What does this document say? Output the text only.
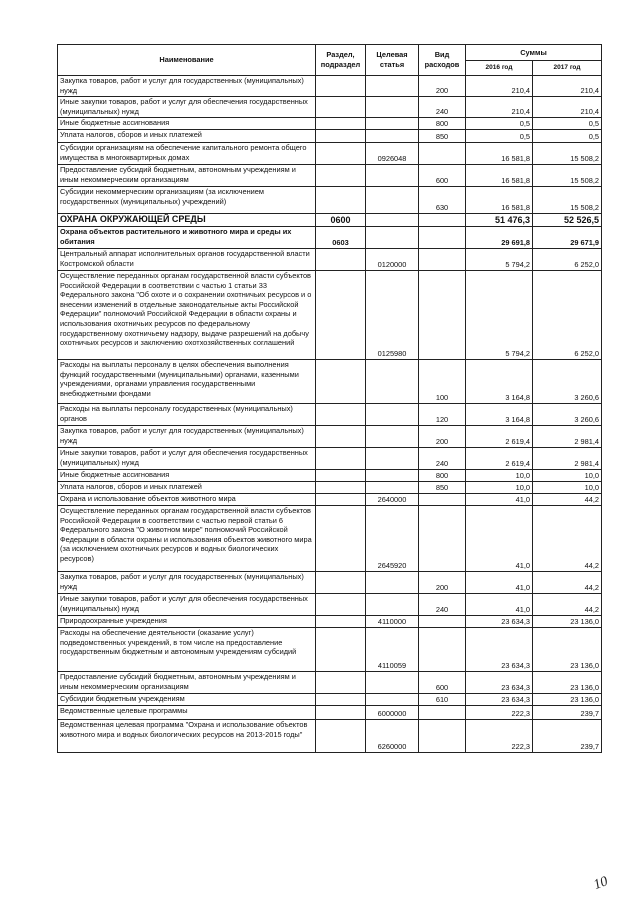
Наименование	Раздел, подраздел	Целевая статья	Вид расходов	Суммы	
				2016 год	2017 год
Закупка товаров, работ и услуг для государственных (муниципальных) нужд			200	210,4	210,4
Иные закупки товаров, работ и услуг для обеспечения государственных (муниципальных) нужд			240	210,4	210,4
Иные бюджетные ассигнования			800	0,5	0,5
Уплата налогов, сборов и иных платежей			850	0,5	0,5
Субсидии организациям на обеспечение капитального ремонта общего имущества в многоквартирных домах		0926048		16 581,8	15 508,2
Предоставление субсидий бюджетным, автономным учреждениям и иным некоммерческим организациям			600	16 581,8	15 508,2
Субсидии некоммерческим организациям (за исключением государственных (муниципальных) учреждений)			630	16 581,8	15 508,2
ОХРАНА ОКРУЖАЮЩЕЙ СРЕДЫ	0600			51 476,3	52 526,5
Охрана объектов растительного и животного мира и среды их обитания	0603			29 691,8	29 671,9
Центральный аппарат исполнительных органов государственной власти Костромской области		0120000		5 794,2	6 252,0
Осуществление переданных органам государственной власти субъектов Российской Федерации в соответствии с частью 1 статьи 33 Федерального закона "Об охоте и о сохранении охотничьих ресурсов и о внесении изменений в отдельные законодательные акты Российской Федерации" полномочий Российской Федерации в области охраны и использования охотничьих ресурсов по федеральному государственному охотничьему надзору, выдаче разрешений на добычу охотничьих ресурсов и заключению охотхозяйственных соглашений		0125980		5 794,2	6 252,0
Расходы на выплаты персоналу в целях обеспечения выполнения функций государственными (муниципальными) органами, казенными учреждениями, органами управления государственными внебюджетными фондами			100	3 164,8	3 260,6
Расходы на выплаты персоналу государственных (муниципальных) органов			120	3 164,8	3 260,6
Закупка товаров, работ и услуг для государственных (муниципальных) нужд			200	2 619,4	2 981,4
Иные закупки товаров, работ и услуг для обеспечения государственных (муниципальных) нужд			240	2 619,4	2 981,4
Иные бюджетные ассигнования			800	10,0	10,0
Уплата налогов, сборов и иных платежей			850	10,0	10,0
Охрана и использование объектов животного мира		2640000		41,0	44,2
Осуществление переданных органам государственной власти субъектов Российской Федерации в соответствии с частью первой статьи 6 Федерального закона "О животном мире" полномочий Российской Федерации в области охраны и использования объектов животного мира (за исключением охотничьих ресурсов и водных биологических ресурсов)		2645920		41,0	44,2
Закупка товаров, работ и услуг для государственных (муниципальных) нужд			200	41,0	44,2
Иные закупки товаров, работ и услуг для обеспечения государственных (муниципальных) нужд			240	41,0	44,2
Природоохранные учреждения		4110000		23 634,3	23 136,0
Расходы на обеспечение деятельности (оказание услуг) подведомственных учреждений, в том числе на предоставление государственным бюджетным и автономным учреждениям субсидий		4110059		23 634,3	23 136,0
Предоставление субсидий бюджетным, автономным учреждениям и иным некоммерческим организациям			600	23 634,3	23 136,0
Субсидии бюджетным учреждениям			610	23 634,3	23 136,0
Ведомственные целевые программы		6000000		222,3	239,7
Ведомственная целевая программа "Охрана и использование объектов животного мира и водных биологических ресурсов на 2013-2015 годы"		6260000		222,3	239,7
10
